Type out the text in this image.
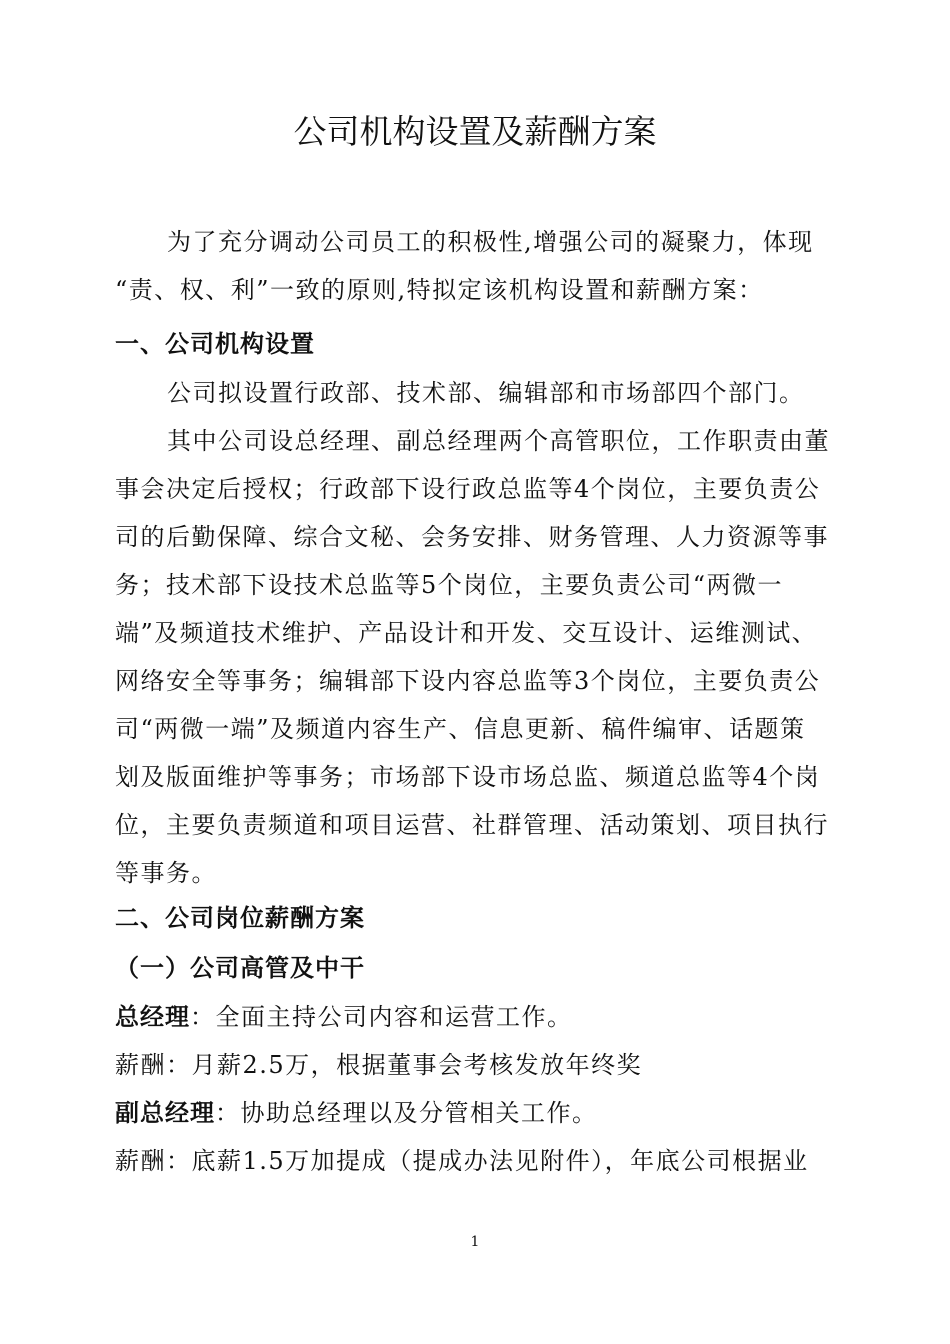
公司机构设置及薪酬方案
为了充分调动公司员工的积极性,增强公司的凝聚力，体现
“责、权、利”一致的原则,特拟定该机构设置和薪酬方案：
一、公司机构设置
公司拟设置行政部、技术部、编辑部和市场部四个部门。
其中公司设总经理、副总经理两个高管职位，工作职责由董
事会决定后授权；行政部下设行政总监等4个岗位，主要负责公
司的后勤保障、综合文秘、会务安排、财务管理、人力资源等事
务；技术部下设技术总监等5个岗位，主要负责公司“两微一
端”及频道技术维护、产品设计和开发、交互设计、运维测试、
网络安全等事务；编辑部下设内容总监等3个岗位，主要负责公
司“两微一端”及频道内容生产、信息更新、稿件编审、话题策
划及版面维护等事务；市场部下设市场总监、频道总监等4个岗
位，主要负责频道和项目运营、社群管理、活动策划、项目执行
等事务。
二、公司岗位薪酬方案
（一）公司高管及中干
总经理：全面主持公司内容和运营工作。
薪酬：月薪2.5万，根据董事会考核发放年终奖
副总经理：协助总经理以及分管相关工作。
薪酬：底薪1.5万加提成（提成办法见附件），年底公司根据业
1
